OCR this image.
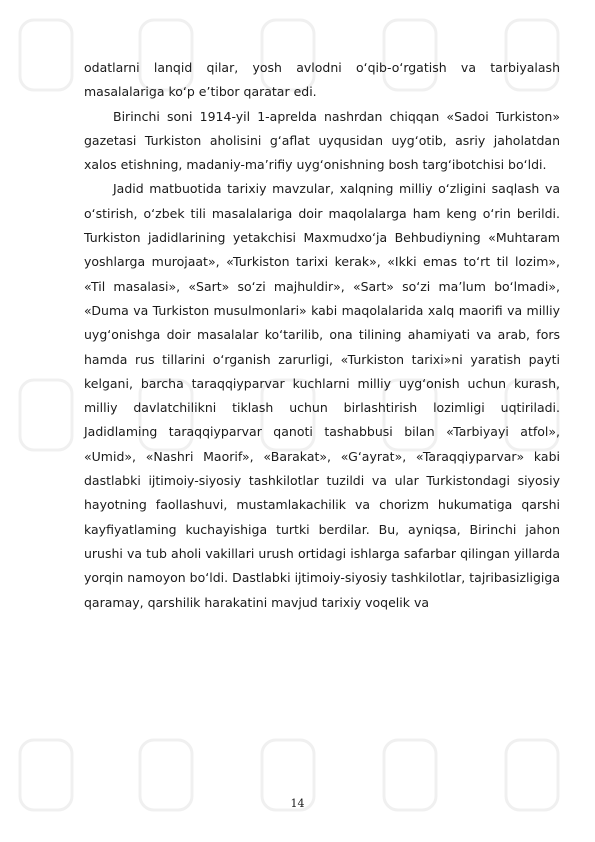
odatlarni lanqid qilar, yosh avlodni o‘qib-o‘rgatish va tarbiyalash masalalariga ko‘p e’tibor qaratar edi.

Birinchi soni 1914-yil 1-aprelda nashrdan chiqqan «Sadoi Turkiston» gazetasi Turkiston aholisini g‘aflat uyqusidan uyg‘otib, asriy jaholatdan xalos etishning, madaniy-ma’rifiy uyg‘onishning bosh targ‘ibotchisi bo‘ldi.

Jadid matbuotida tarixiy mavzular, xalqning milliy o‘zligini saqlash va o‘stirish, o‘zbek tili masalalariga doir maqolalarga ham keng o‘rin berildi. Turkiston jadidlarining yetakchisi Maxmudxo‘ja Behbudiyning «Muhtaram yoshlarga murojaat», «Turkiston tarixi kerak», «Ikki emas to‘rt til lozim», «Til masalasi», «Sart» so‘zi majhuldir», «Sart» so‘zi ma’lum bo‘lmadi», «Duma va Turkiston musulmonlari» kabi maqolalarida xalq maorifi va milliy uyg‘onishga doir masalalar ko‘tarilib, ona tilining ahamiyati va arab, fors hamda rus tillarini o‘rganish zarurligi, «Turkiston tarixi»ni yaratish payti kelgani, barcha taraqqiyparvar kuchlarni milliy uyg‘onish uchun kurash, milliy davlatchilikni tiklash uchun birlashtirish lozimligi uqtiriladi. Jadidlaming taraqqiyparvar qanoti tashabbusi bilan «Tarbiyayi atfol», «Umid», «Nashri Maorif», «Barakat», «G‘ayrat», «Taraqqiyparvar» kabi dastlabki ijtimoiy-siyosiy tashkilotlar tuzildi va ular Turkistondagi siyosiy hayotning faollashuvi, mustamlakachilik va chorizm hukumatiga qarshi kayfiyatlaming kuchayishiga turtki berdilar. Bu, ayniqsa, Birinchi jahon urushi va tub aholi vakillari urush ortidagi ishlarga safarbar qilingan yillarda yorqin namoyon bo‘ldi. Dastlabki ijtimoiy-siyosiy tashkilotlar, tajribasizligiga qaramay, qarshilik harakatini mavjud tarixiy voqelik va

14
